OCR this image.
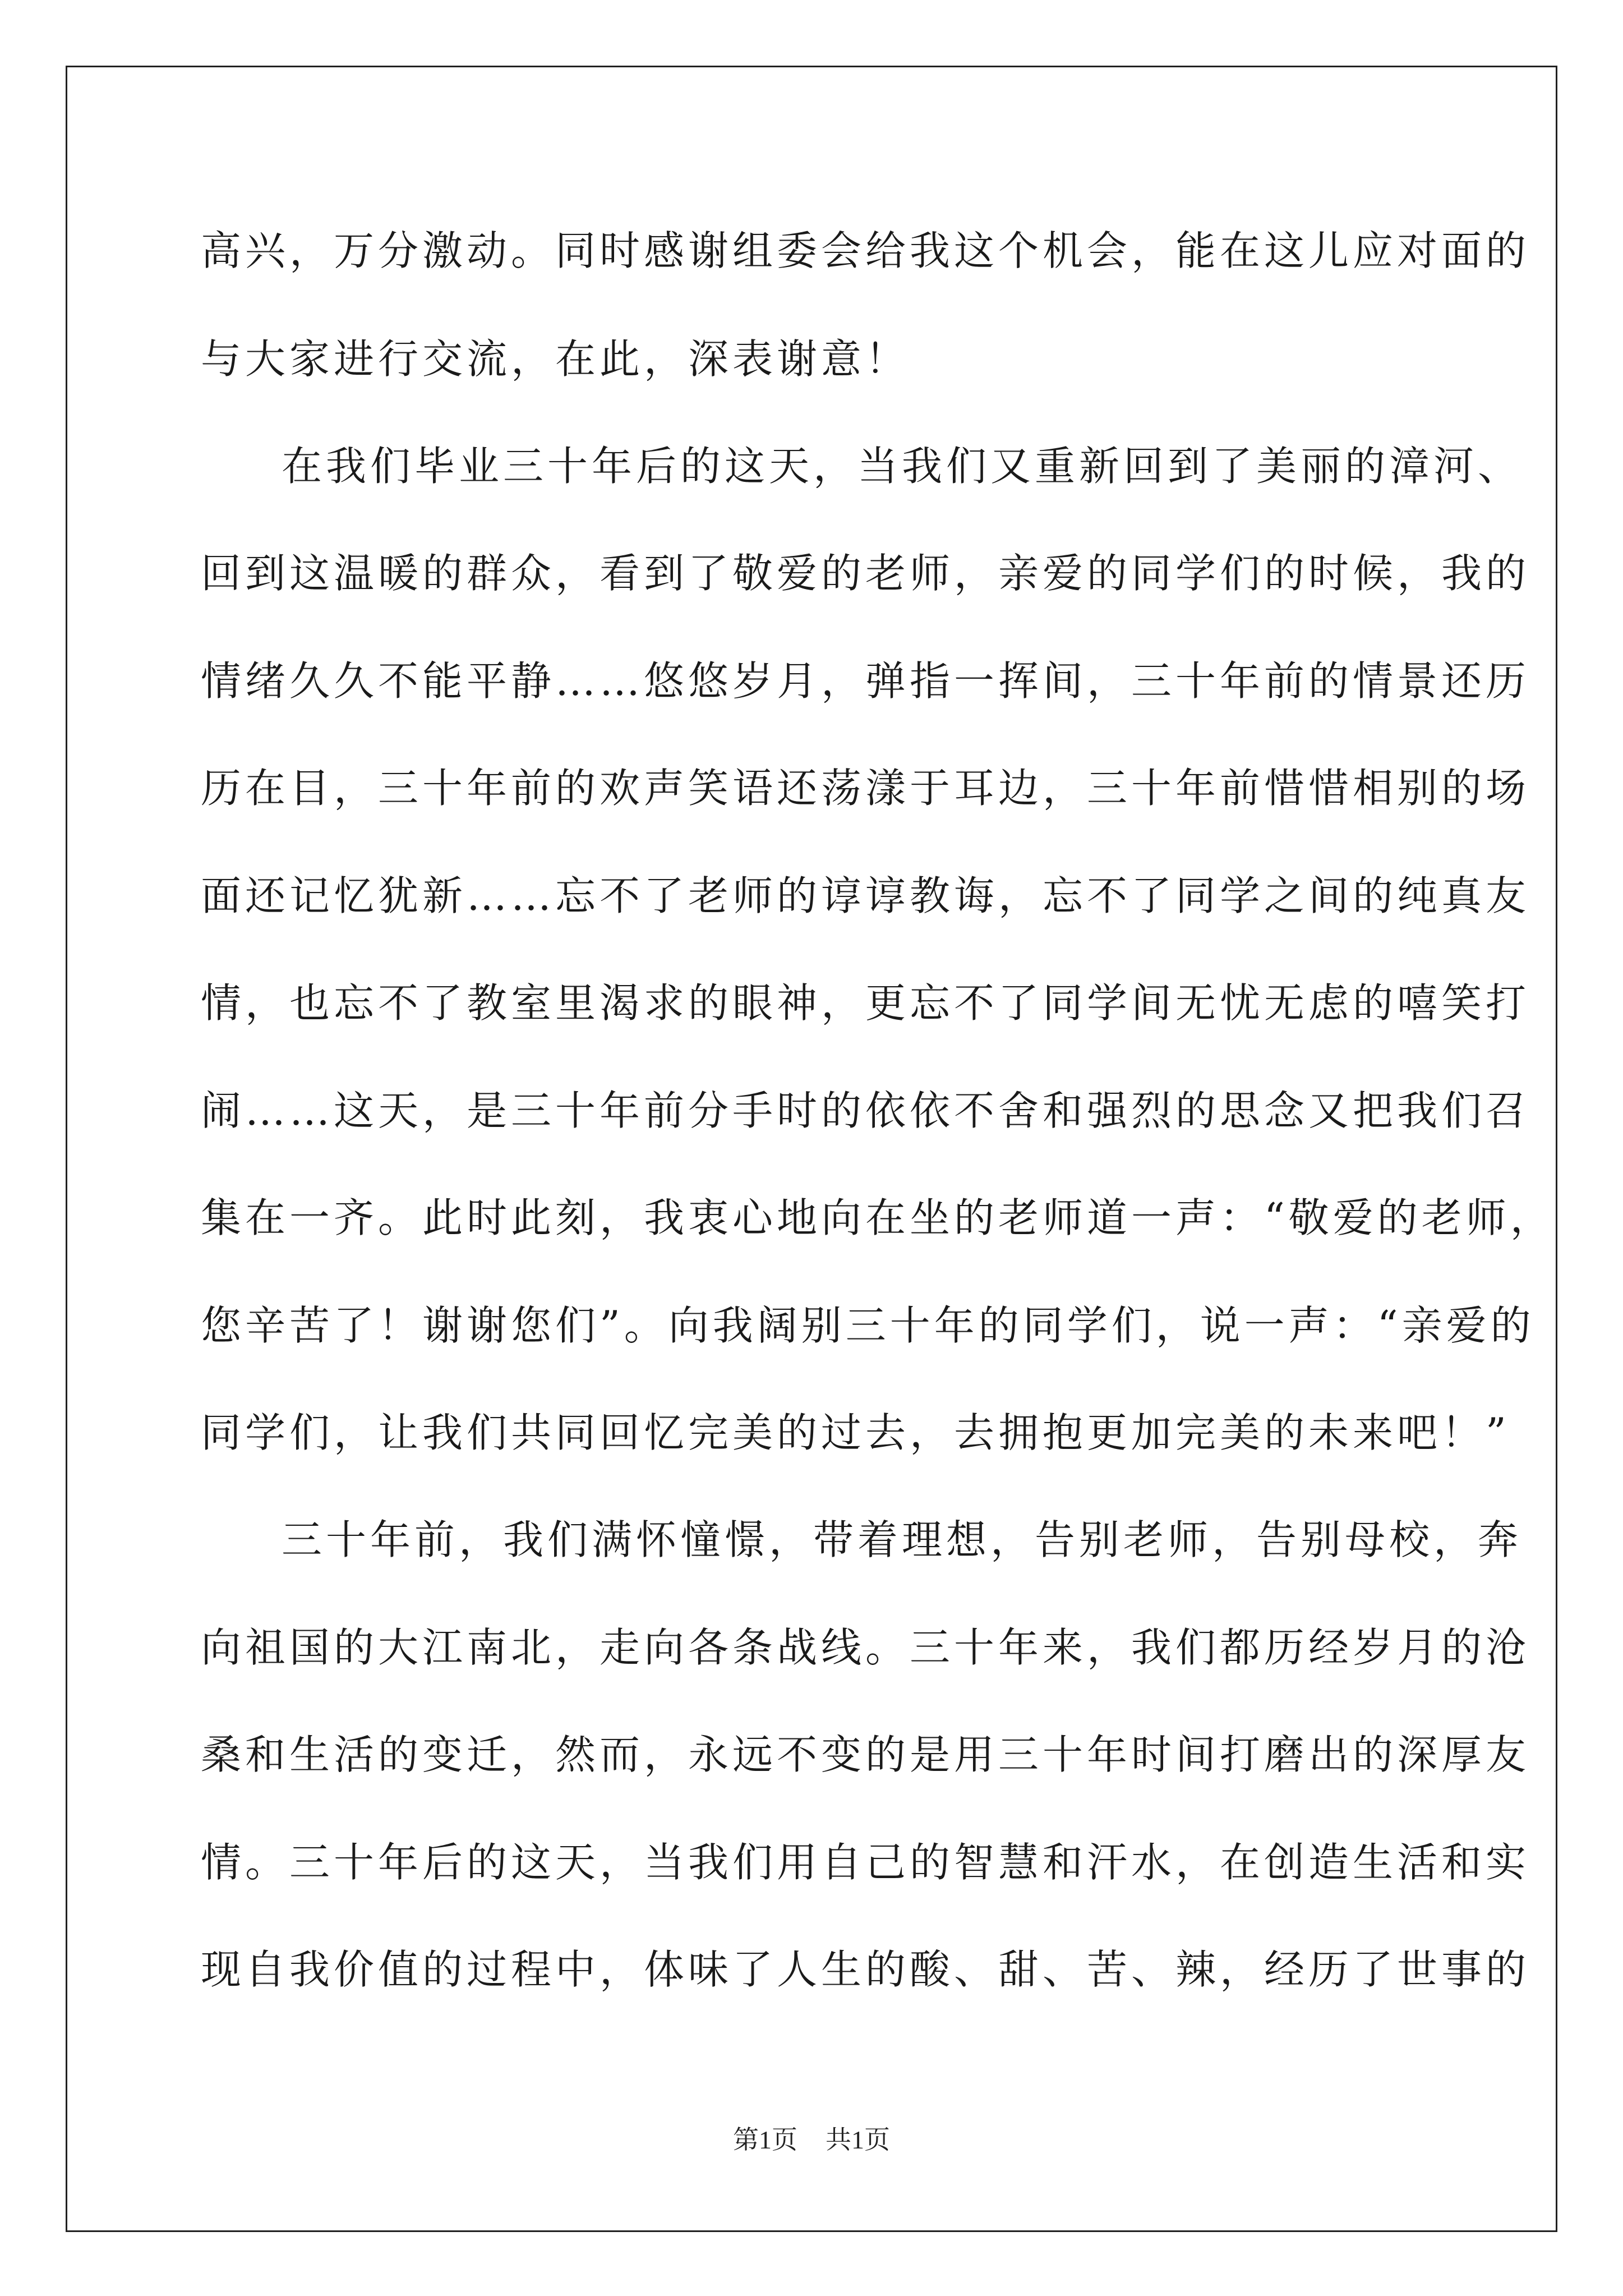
高兴，万分激动。同时感谢组委会给我这个机会，能在这儿应对面的
与大家进行交流，在此，深表谢意！
在我们毕业三十年后的这天，当我们又重新回到了美丽的漳河、
回到这温暖的群众，看到了敬爱的老师，亲爱的同学们的时候，我的
情绪久久不能平静……悠悠岁月，弹指一挥间，三十年前的情景还历
历在目，三十年前的欢声笑语还荡漾于耳边，三十年前惜惜相别的场
面还记忆犹新……忘不了老师的谆谆教诲，忘不了同学之间的纯真友
情，也忘不了教室里渴求的眼神，更忘不了同学间无忧无虑的嘻笑打
闹……这天，是三十年前分手时的依依不舍和强烈的思念又把我们召
集在一齐。此时此刻，我衷心地向在坐的老师道一声：“敬爱的老师，
您辛苦了！谢谢您们”。向我阔别三十年的同学们，说一声：“亲爱的
同学们，让我们共同回忆完美的过去，去拥抱更加完美的未来吧！”
三十年前，我们满怀憧憬，带着理想，告别老师，告别母校，奔
向祖国的大江南北，走向各条战线。三十年来，我们都历经岁月的沧
桑和生活的变迁，然而，永远不变的是用三十年时间打磨出的深厚友
情。三十年后的这天，当我们用自己的智慧和汗水，在创造生活和实
现自我价值的过程中，体味了人生的酸、甜、苦、辣，经历了世事的
第1页 共1页
